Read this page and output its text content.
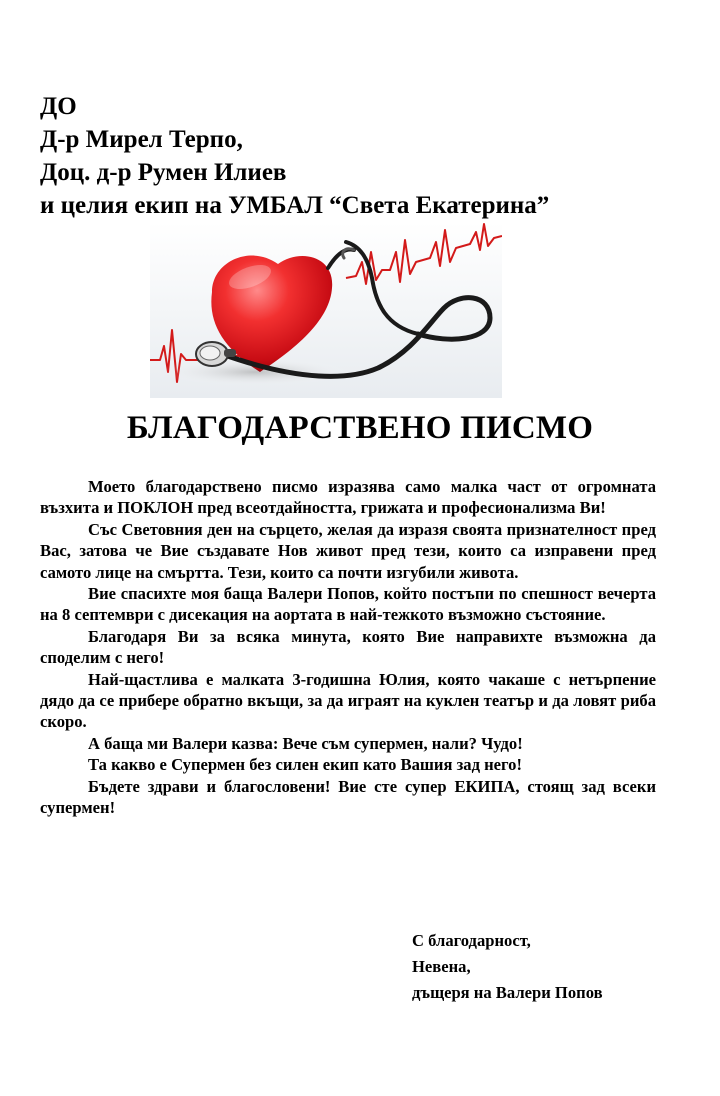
ДО
Д-р Мирел Терпо,
Доц. д-р Румен Илиев
и целия екип на УМБАЛ “Света Екатерина”
БЛАГОДАРСТВЕНО ПИСМО

Моето благодарствено писмо изразява само малка част от огромната възхита и ПОКЛОН пред всеотдайността, грижата и професионализма Ви!

Със Световния ден на сърцето, желая да изразя своята признателност пред Вас, затова че Вие създавате Нов живот пред тези, които са изправени пред самото лице на смъртта. Тези, които са почти изгубили живота.

Вие спасихте моя баща Валери Попов, който постъпи по спешност вечерта на 8 септември с дисекация на аортата в най-тежкото възможно състояние.

Благодаря Ви за всяка минута, която Вие направихте възможна да споделим с него!

Най-щастлива е малката 3-годишна Юлия, която чакаше с нетърпение дядо да се прибере обратно вкъщи, за да играят на куклен театър и да ловят риба скоро.

А баща ми Валери казва: Вече съм супермен, нали? Чудо!

Та какво е Супермен без силен екип като Вашия зад него!

Бъдете здрави и благословени! Вие сте супер ЕКИПА, стоящ зад всеки супермен!

С благодарност,
Невена,
дъщеря на Валери Попов
